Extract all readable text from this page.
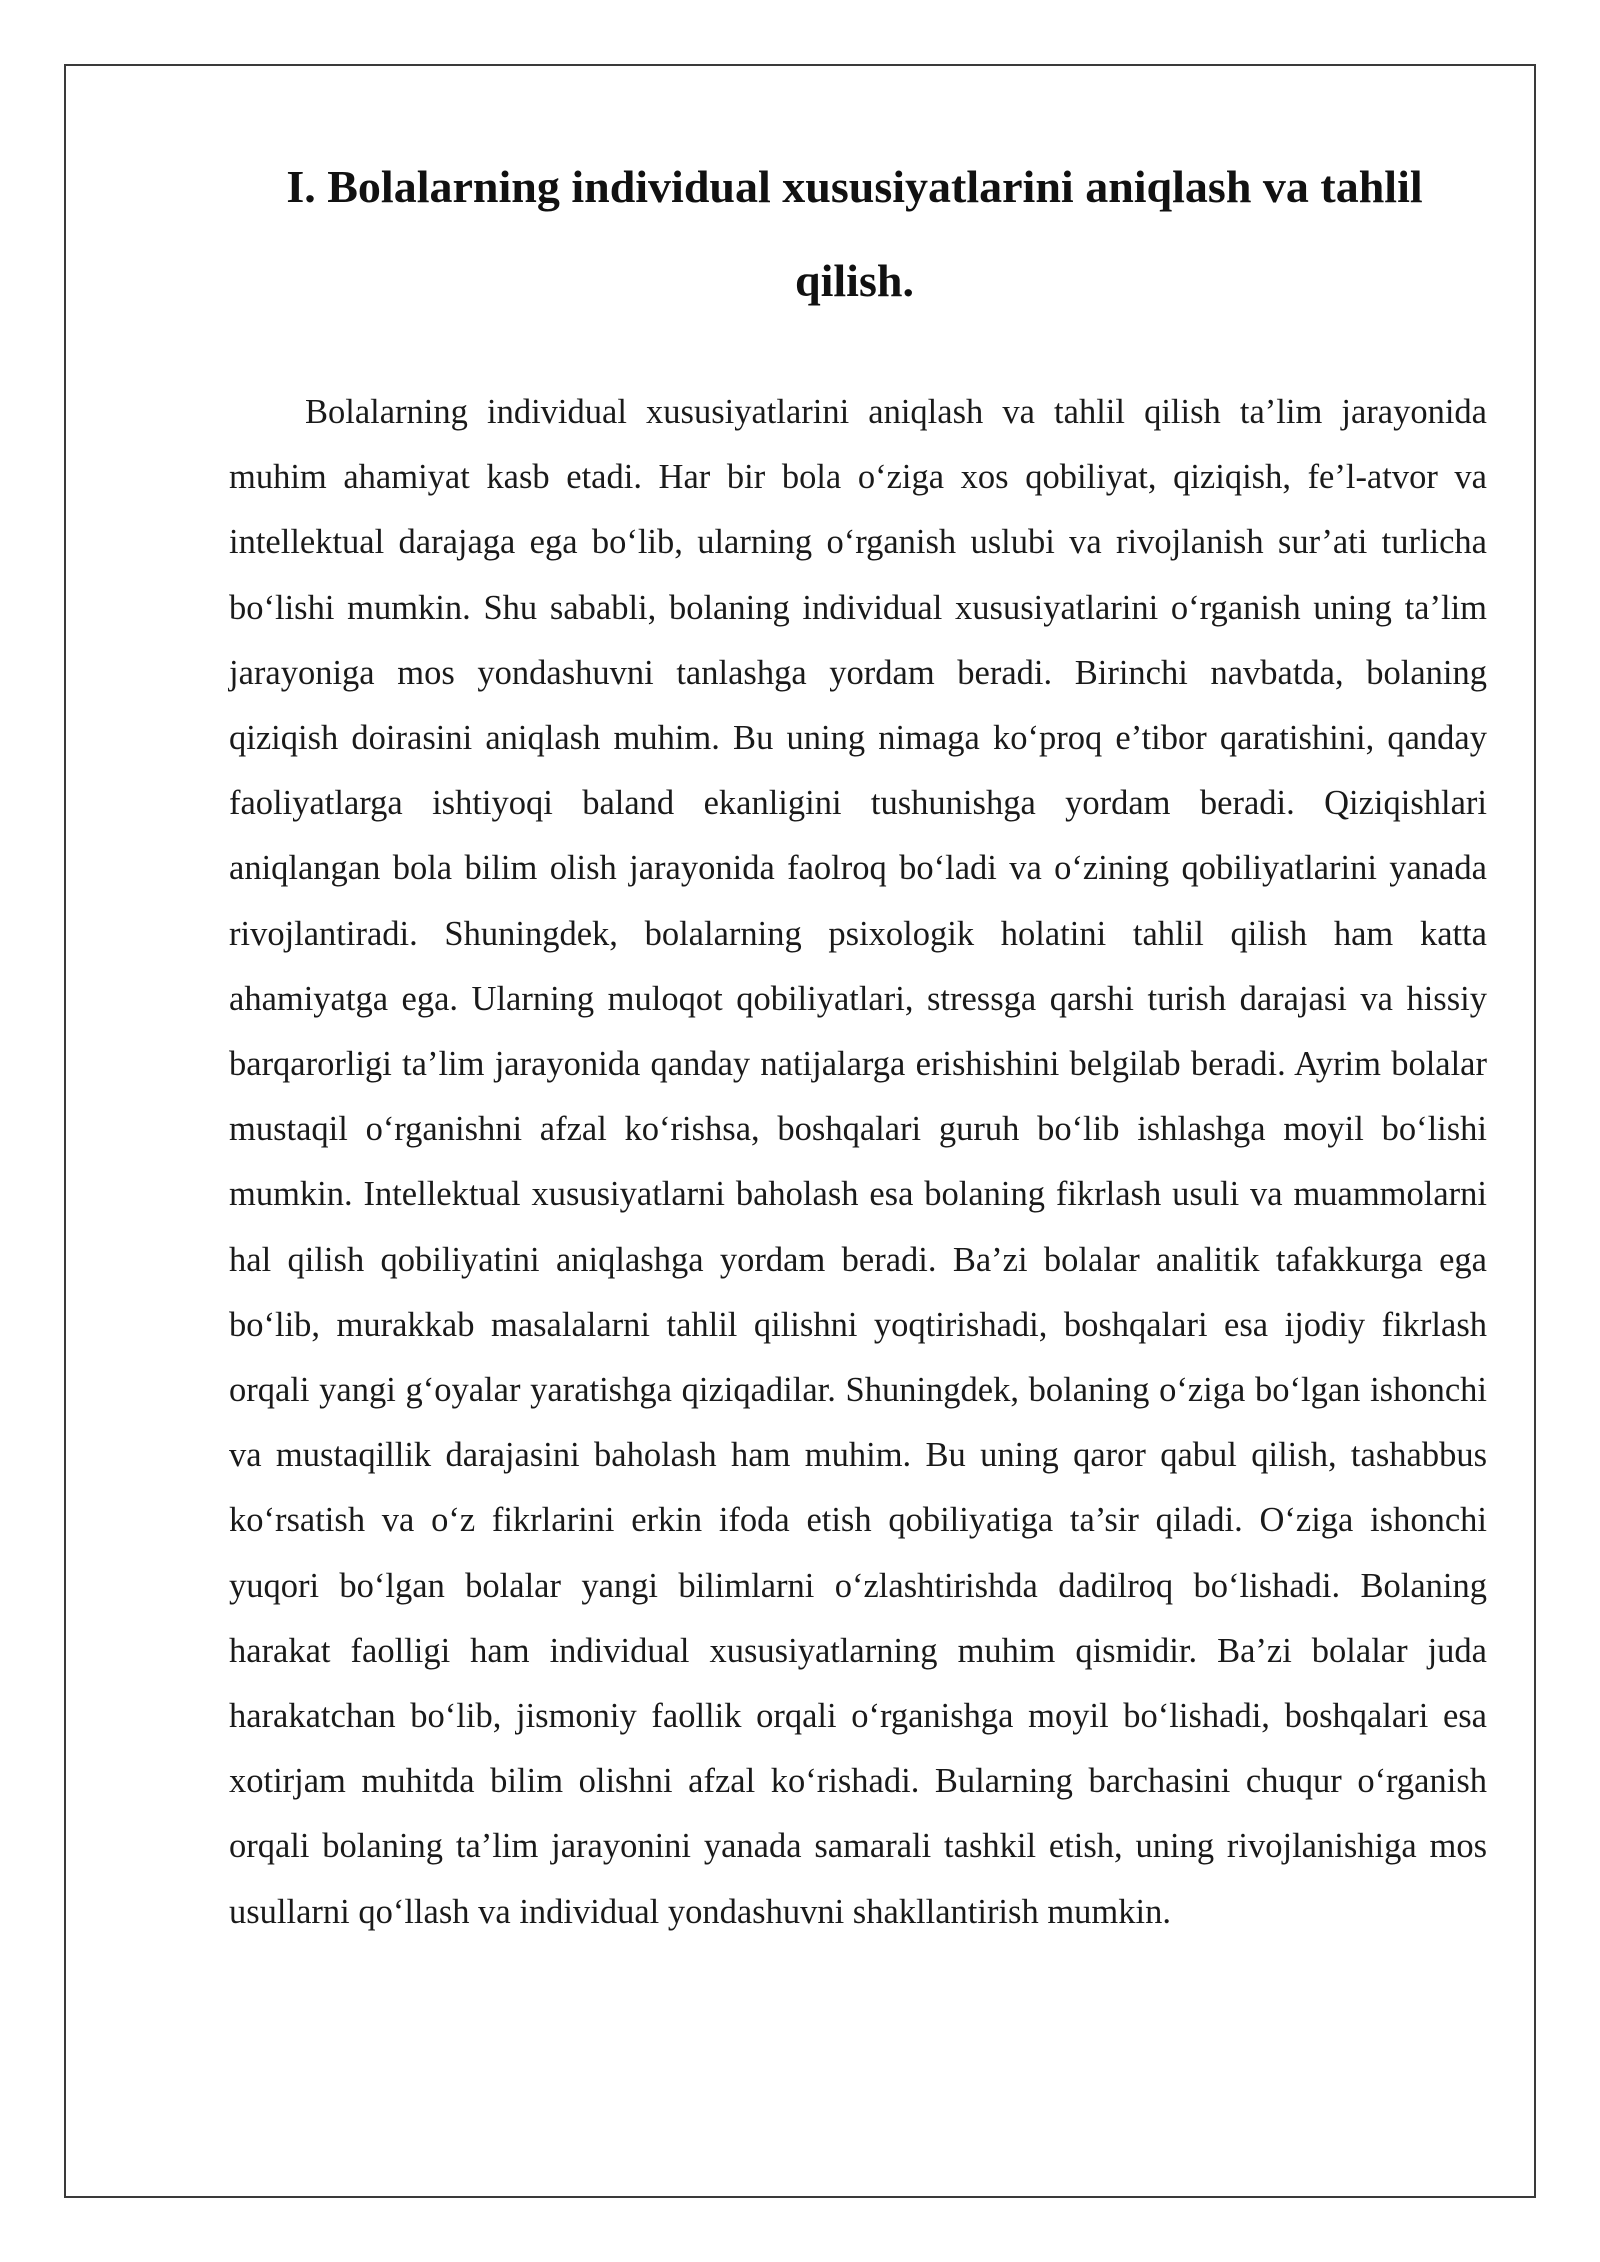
I. Bolalarning individual xususiyatlarini aniqlash va tahlil qilish.

Bolalarning individual xususiyatlarini aniqlash va tahlil qilish ta’lim jarayonida muhim ahamiyat kasb etadi. Har bir bola o‘ziga xos qobiliyat, qiziqish, fe’l-atvor va intellektual darajaga ega bo‘lib, ularning o‘rganish uslubi va rivojlanish sur’ati turlicha bo‘lishi mumkin. Shu sababli, bolaning individual xususiyatlarini o‘rganish uning ta’lim jarayoniga mos yondashuvni tanlashga yordam beradi. Birinchi navbatda, bolaning qiziqish doirasini aniqlash muhim. Bu uning nimaga ko‘proq e’tibor qaratishini, qanday faoliyatlarga ishtiyoqi baland ekanligini tushunishga yordam beradi. Qiziqishlari aniqlangan bola bilim olish jarayonida faolroq bo‘ladi va o‘zining qobiliyatlarini yanada rivojlantiradi. Shuningdek, bolalarning psixologik holatini tahlil qilish ham katta ahamiyatga ega. Ularning muloqot qobiliyatlari, stressga qarshi turish darajasi va hissiy barqarorligi ta’lim jarayonida qanday natijalarga erishishini belgilab beradi. Ayrim bolalar mustaqil o‘rganishni afzal ko‘rishsa, boshqalari guruh bo‘lib ishlashga moyil bo‘lishi mumkin. Intellektual xususiyatlarni baholash esa bolaning fikrlash usuli va muammolarni hal qilish qobiliyatini aniqlashga yordam beradi. Ba’zi bolalar analitik tafakkurga ega bo‘lib, murakkab masalalarni tahlil qilishni yoqtirishadi, boshqalari esa ijodiy fikrlash orqali yangi g‘oyalar yaratishga qiziqadilar. Shuningdek, bolaning o‘ziga bo‘lgan ishonchi va mustaqillik darajasini baholash ham muhim. Bu uning qaror qabul qilish, tashabbus ko‘rsatish va o‘z fikrlarini erkin ifoda etish qobiliyatiga ta’sir qiladi. O‘ziga ishonchi yuqori bo‘lgan bolalar yangi bilimlarni o‘zlashtirishda dadilroq bo‘lishadi. Bolaning harakat faolligi ham individual xususiyatlarning muhim qismidir. Ba’zi bolalar juda harakatchan bo‘lib, jismoniy faollik orqali o‘rganishga moyil bo‘lishadi, boshqalari esa xotirjam muhitda bilim olishni afzal ko‘rishadi. Bularning barchasini chuqur o‘rganish orqali bolaning ta’lim jarayonini yanada samarali tashkil etish, uning rivojlanishiga mos usullarni qo‘llash va individual yondashuvni shakllantirish mumkin.
